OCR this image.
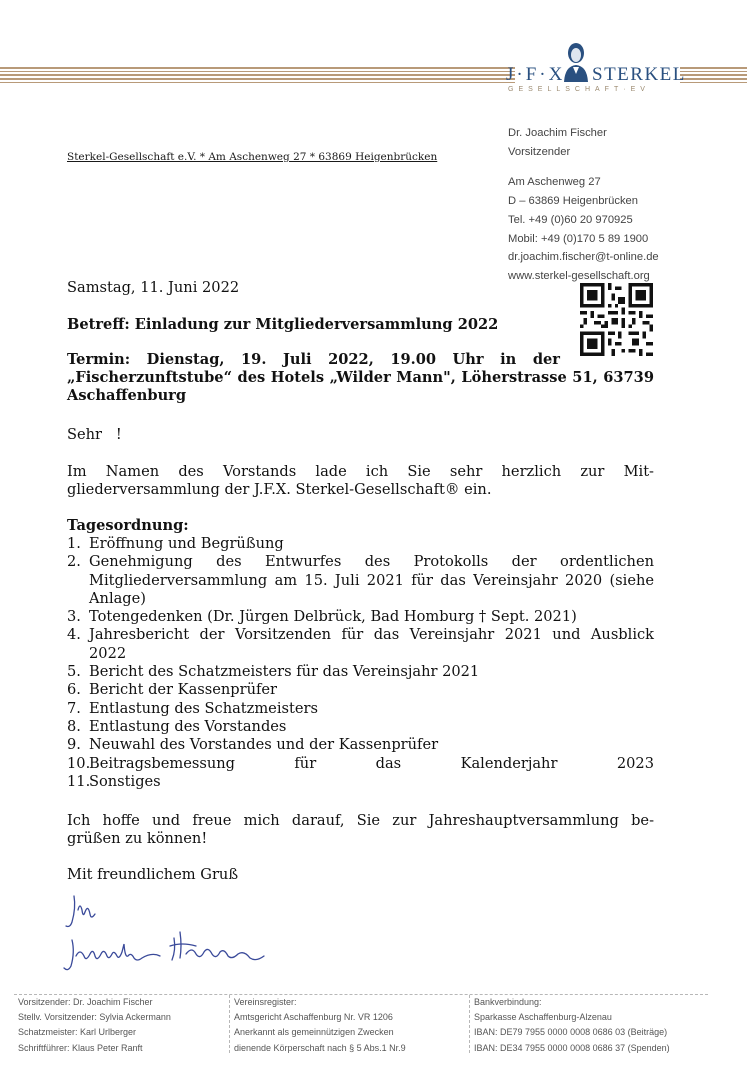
J·F·X STERKEL
GESELLSCHAFT·EV
Sterkel-Gesellschaft e.V. * Am Aschenweg 27 * 63869 Heigenbrücken
Dr. Joachim Fischer
Vorsitzender
Am Aschenweg 27
D – 63869 Heigenbrücken
Tel. +49 (0)60 20 970925
Mobil: +49 (0)170 5 89 1900
dr.joachim.fischer@t-online.de
www.sterkel-gesellschaft.org
Samstag, 11. Juni 2022
Betreff: Einladung zur Mitgliederversammlung 2022
Termin: Dienstag, 19. Juli 2022, 19.00 Uhr in der
„Fischerzunftstube“ des Hotels „Wilder Mann", Löherstrasse 51, 63739
Aschaffenburg
Sehr   !
Im Namen des Vorstands lade ich Sie sehr herzlich zur Mit-
gliederversammlung der J.F.X. Sterkel-Gesellschaft® ein.
Tagesordnung:
1. Eröffnung und Begrüßung
2. Genehmigung des Entwurfes des Protokolls der ordentlichen
Mitgliederversammlung am 15. Juli 2021 für das Vereinsjahr 2020 (siehe
Anlage)
3. Totengedenken (Dr. Jürgen Delbrück, Bad Homburg † Sept. 2021)
4. Jahresbericht der Vorsitzenden für das Vereinsjahr 2021 und Ausblick
2022
5. Bericht des Schatzmeisters für das Vereinsjahr 2021
6. Bericht der Kassenprüfer
7. Entlastung des Schatzmeisters
8. Entlastung des Vorstandes
9. Neuwahl des Vorstandes und der Kassenprüfer
10.
Beitragsbemessung für das Kalenderjahr 2023
11.
Sonstiges
Ich hoffe und freue mich darauf, Sie zur Jahreshauptversammlung be-
grüßen zu können!
Mit freundlichem Gruß
Vorsitzender: Dr. Joachim Fischer
Stellv. Vorsitzender: Sylvia Ackermann
Schatzmeister: Karl Urlberger
Schriftführer: Klaus Peter Ranft
Vereinsregister:
Amtsgericht Aschaffenburg Nr. VR 1206
Anerkannt als gemeinnützigen Zwecken
dienende Körperschaft nach § 5 Abs.1 Nr.9
Bankverbindung:
Sparkasse Aschaffenburg-Alzenau
IBAN: DE79 7955 0000 0008 0686 03 (Beiträge)
IBAN: DE34 7955 0000 0008 0686 37 (Spenden)
